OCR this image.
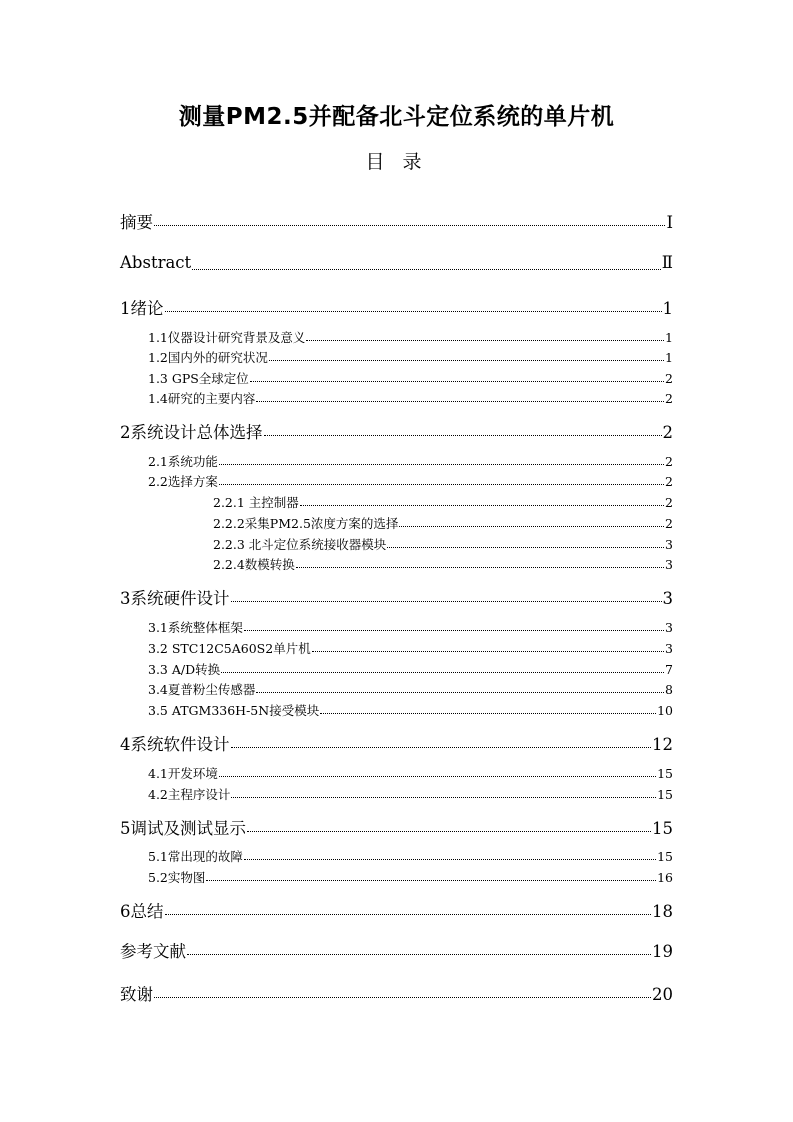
测量PM2.5并配备北斗定位系统的单片机
目 录
摘要	Ⅰ
Abstract	Ⅱ
1绪论	1
1.1仪器设计研究背景及意义	1
1.2国内外的研究状况	1
1.3 GPS全球定位	2
1.4研究的主要内容	2
2系统设计总体选择	2
2.1系统功能	2
2.2选择方案	2
2.2.1 主控制器	2
2.2.2采集PM2.5浓度方案的选择	2
2.2.3 北斗定位系统接收器模块	3
2.2.4数模转换	3
3系统硬件设计	3
3.1系统整体框架	3
3.2 STC12C5A60S2单片机	3
3.3 A/D转换	7
3.4夏普粉尘传感器	8
3.5 ATGM336H-5N接受模块	10
4系统软件设计	12
4.1开发环境	15
4.2主程序设计	15
5调试及测试显示	15
5.1常出现的故障	15
5.2实物图	16
6总结	18
参考文献	19
致谢	20
